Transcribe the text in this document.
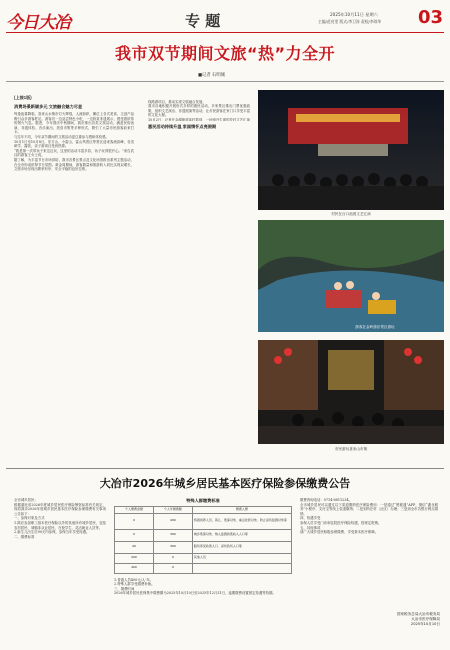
今日大冶	专 题	2025年10月11日 星期六
主编/范亮雯 版式/李卫涛 责校/李琼华 03
我市双节期间文旅“热”力全开
■记者 石明城
(上接1版)
消费场景新颖多元 文旅融合魅力尽显
每逢夜幕降临，喜来山水街市灯火辉煌，人流如织，摊位上各式美食、文创产品吸引众多游客驻足。游客们一边品尝特色小吃，一边欣赏非遗展示，感受着浓浓的烟火气息。据悉，今年国庆中秋期间，我市推出各类文旅活动，涵盖民俗表演、非遗体验、音乐演出、美食市集等多种形式，吸引了大量市民游客前来打卡。
与往年不同，今年双节期间的文旅活动更注重参与感和体验感。
10月1日至10月8日，东方山、小雷山、雷山风景区等景区迎来客流高峰，各类研学、露营、亲子游项目受到热捧。
“我是第一次带孩子来这边玩，这里的活动丰富多彩，孩子玩得很开心。”来自武汉的游客王女士说。
据了解，为丰富节日市场供给，我市各景区景点及文化场馆推出系列主题活动，在全市形成浓厚节日氛围。黄金周期间，游客数量和旅游收入同比实现双增长，文旅市场呈现出繁荣有序、安全平稳的良好态势。

线路游项目，推动实现文旅融合发展。
我市各地积极开展形式多样的惠民活动，多家景区推出门票优惠政策，组织文艺演出、非遗展演等活动，让市民游客在家门口享受丰富的文化大餐。
10月2日，记者在金湖街道某村看到，一场别开生面的乡村文艺汇演

惠民活动持续升温 家国情怀点亮假期
村民在百口池看文艺汇演
游客在金岭游乐景区游玩
市民游玩喜来山市街
大冶市2026年城乡居民基本医疗保险参保缴费公告
全市城乡居民：
根据湖北省2026年度城乡居民医疗保险筹资标准有关规定，现将我市2026年度城乡居民基本医疗保险参保缴费有关事项公告如下：
一、参保对象及方式
1.除应参加职工基本医疗保险以外的其他所有城乡居民，包括农村居民、城镇非从业居民、在校学生、灵活就业人员等。
2.新生儿出生后90天内参保，参保当年享受待遇。
二、缴费标准
特殊人群缴费标准
个人缴费金额	个人年缴费额	缴费人群
0	400	特困供养人员、孤儿、低保对象、重点优抚对象、防止返贫监测对象等
0	360	城乡低保对象、纳入监测的低收入人口等
40	360	脱贫享受政策人口、返贫致贫人口等
200	0	其他人员
400	0	
1.普通人员400元/人·年。
2.特殊人群享受缴费补助。
三、缴费时间
2026年城乡居民医保集中缴费期为2025年10月10日至2025年12月31日，逾期缴费设置固定待遇等待期。
缴费咨询电话：0714-8811234。
全市城乡居民可以通过以下渠道缴纳医疗保险费用：一是通过“楚税通”APP、微信“湖北税务”小程序、支付宝等线上渠道缴纳；二是到所在村（社区）办理；三是到全市各银行网点缴纳。
四、待遇享受
参保人员享受门诊和住院医疗保险待遇，按规定报销。
五、其他事项
请广大城乡居民积极参保缴费，享受基本医疗保障。
国家税务总局大冶市税务局
大冶市医疗保障局
2025年10月10日
